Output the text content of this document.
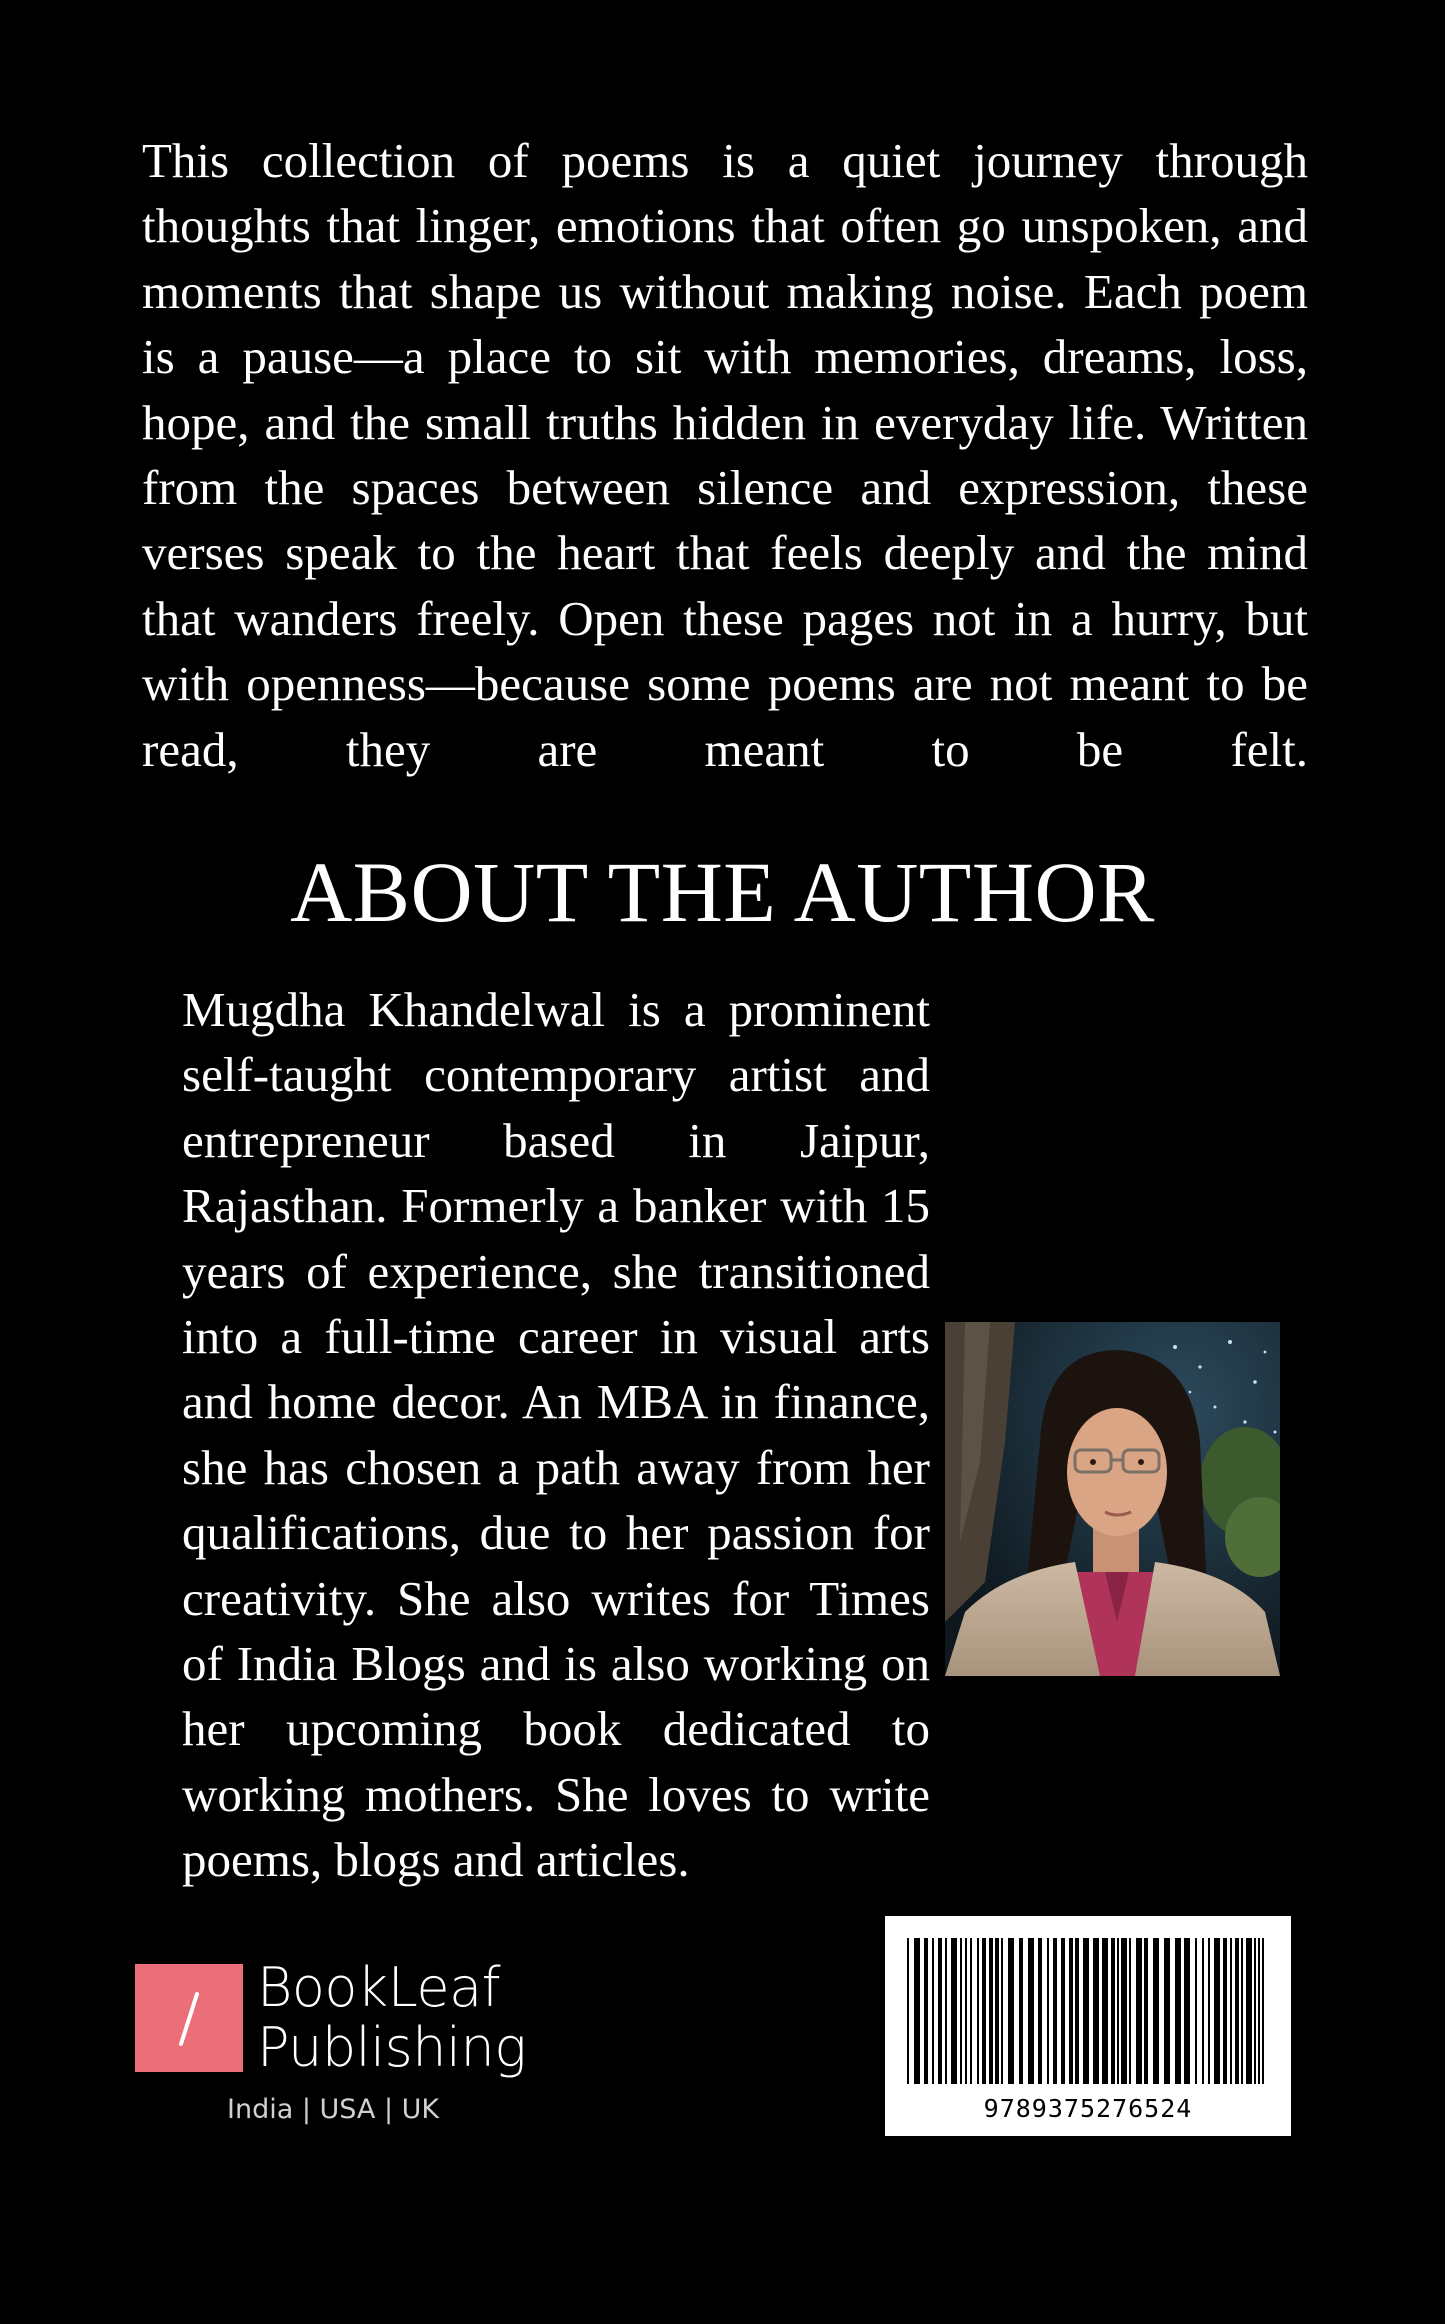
This collection of poems is a quiet journey through thoughts that linger, emotions that often go unspoken, and moments that shape us without making noise. Each poem is a pause—a place to sit with memories, dreams, loss, hope, and the small truths hidden in everyday life. Written from the spaces between silence and expression, these verses speak to the heart that feels deeply and the mind that wanders freely. Open these pages not in a hurry, but with openness—because some poems are not meant to be read, they are meant to be felt.

ABOUT THE AUTHOR

Mugdha Khandelwal is a prominent self-taught contemporary artist and entrepreneur based in Jaipur, Rajasthan. Formerly a banker with 15 years of experience, she transitioned into a full-time career in visual arts and home decor. An MBA in finance, she has chosen a path away from her qualifications, due to her passion for creativity. She also writes for Times of India Blogs and is also working on her upcoming book dedicated to working mothers. She loves to write poems, blogs and articles.

BookLeaf
Publishing
India | USA | UK	9789375276524
